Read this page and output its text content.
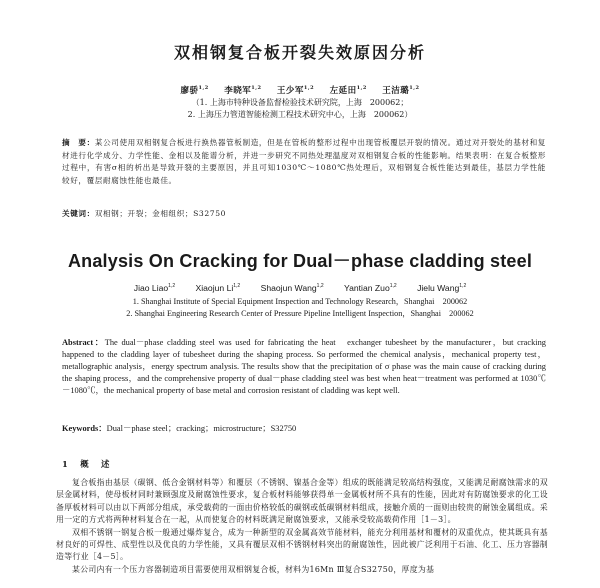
双相钢复合板开裂失效原因分析
廖骄$^{1,2}$ 李晓军$^{1,2}$ 王少军$^{1,2}$ 左延田$^{1,2}$ 王洁璐$^{1,2}$
（1. 上海市特种设备监督检验技术研究院，上海　200062；
2. 上海压力管道智能检测工程技术研究中心，上海　200062）
摘　要：某公司使用双相钢复合板进行换热器管板制造，但是在管板的整形过程中出现管板覆层开裂的情况。通过对开裂处的基材和复材进行化学成分、力学性能、金相以及能谱分析，并进一步研究不同热处理温度对双相钢复合板的性能影响。结果表明：在复合板整形过程中，有害σ相的析出是导致开裂的主要原因，并且可知1030℃～1080℃热处理后，双相钢复合板性能达到最佳，基层力学性能较好，覆层耐腐蚀性能也最佳。
关键词：双相钢；开裂；金相组织；S32750
Analysis On Cracking for Dual－phase cladding steel
Jiao Liao$^{1,2}$ Xiaojun Li$^{1,2}$ Shaojun Wang$^{1,2}$ Yantian Zuo$^{1,2}$ Jielu Wang$^{1,2}$
1. Shanghai Institute of Special Equipment Inspection and Technology Research，Shanghai　200062
2. Shanghai Engineering Research Center of Pressure Pipeline Intelligent Inspection，Shanghai　200062
Abstract：The dual－phase cladding steel was used for fabricating the heat　exchanger tubesheet by the manufacturer，but cracking happened to the cladding layer of tubesheet during the shaping process. So performed the chemical analysis，mechanical property test，metallographic analysis，energy spectrum analysis. The results show that the precipitation of σ phase was the main cause of cracking during the shaping process，and the comprehensive property of dual－phase cladding steel was best when heat－treatment was performed at 1030℃－1080℃，the mechanical property of base metal and corrosion resistant of cladding was kept well.
Keywords：Dual－phase steel；cracking；microstructure；S32750
1　概　述

复合板指由基层（碳钢、低合金钢材料等）和覆层（不锈钢、镍基合金等）组成的既能满足较高结构强度，又能满足耐腐蚀需求的双层金属材料，使母板材同时兼顾强度及耐腐蚀性要求，复合板材料能够获得单一金属板材所不具有的性能，因此对有防腐蚀要求的化工设备厚板材料可以由以下两部分组成，承受载荷的一面由价格较低的碳钢或低碳钢材料组成，接触介质的一面则由较贵的耐蚀金属组成。采用一定的方式将两种材料复合在一起，从而使复合的材料既满足耐腐蚀要求，又能承受较高载荷作用［1－3］。

双相不锈钢一钢复合板一般通过爆炸复合，成为一种新型的双金属高效节能材料，能充分利用基材和覆材的双重优点，使其既具有基材良好的可焊性、成型性以及优良的力学性能，又具有覆层双相不锈钢材料突出的耐腐蚀性，因此被广泛利用于石油、化工、压力容器制造等行业［4－5］。

某公司内有一个压力容器制造项目需要使用双相钢复合板，材料为16Mn Ⅲ复合S32750，厚度为基
